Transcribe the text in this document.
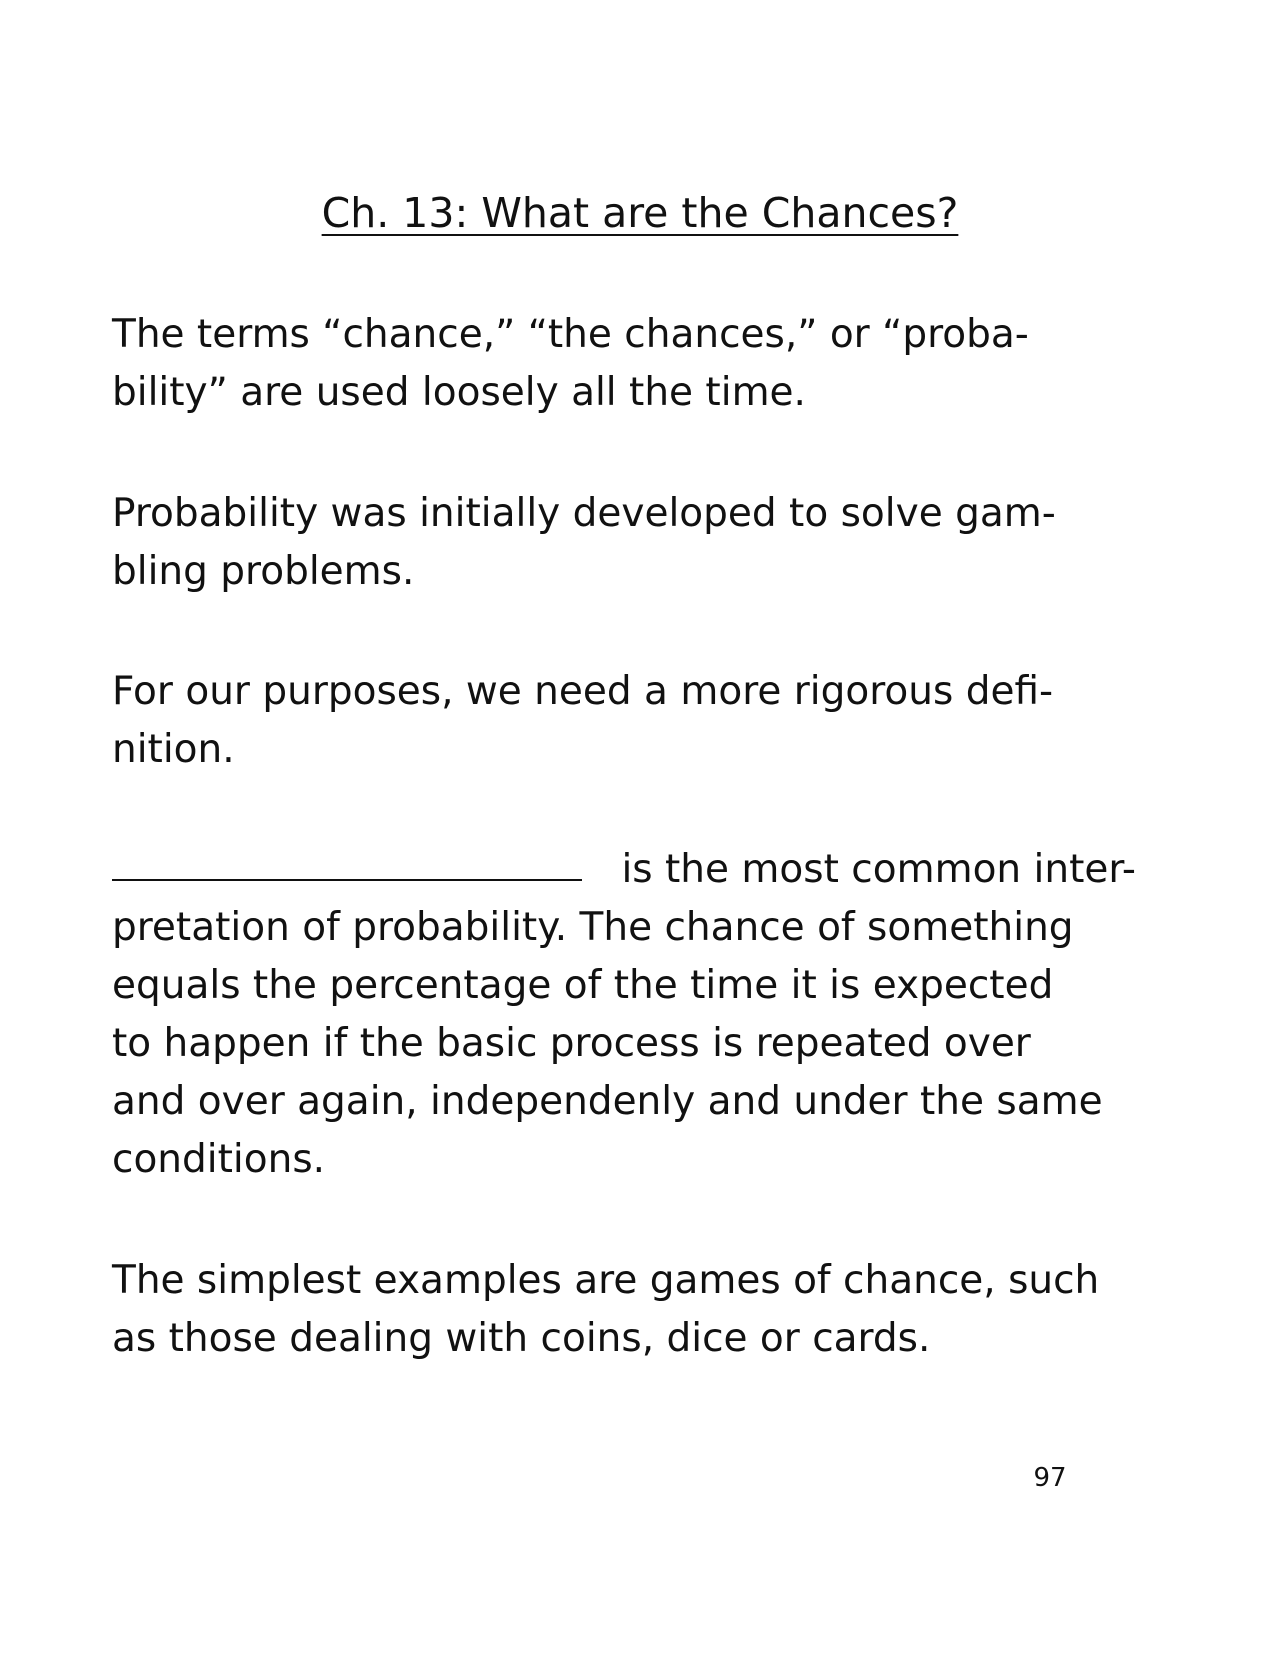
Ch. 13: What are the Chances?

The terms “chance,” “the chances,” or “proba-
bility” are used loosely all the time.

Probability was initially developed to solve gam-
bling problems.

For our purposes, we need a more rigorous defi-
nition.

is the most common inter-
pretation of probability. The chance of something
equals the percentage of the time it is expected
to happen if the basic process is repeated over
and over again, independenly and under the same
conditions.

The simplest examples are games of chance, such
as those dealing with coins, dice or cards.

97
